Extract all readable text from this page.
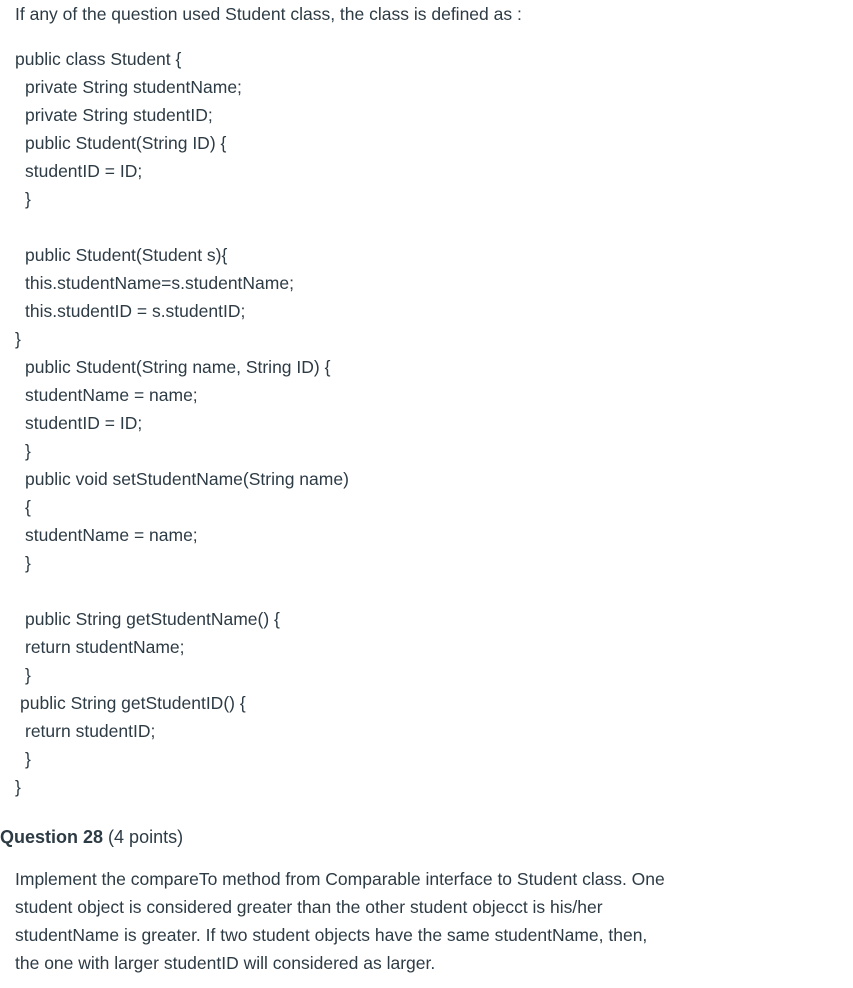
If any of the question used Student class, the class is defined as :
public class Student {
private String studentName;
private String studentID;
public Student(String ID) {
studentID = ID;
}
public Student(Student s){
this.studentName=s.studentName;
this.studentID = s.studentID;
}
public Student(String name, String ID) {
studentName = name;
studentID = ID;
}
public void setStudentName(String name)
{
studentName = name;
}
public String getStudentName() {
return studentName;
}
public String getStudentID() {
return studentID;
}
}
Question 28 (4 points)
Implement the compareTo method from Comparable interface to Student class. One
student object is considered greater than the other student objecct is his/her
studentName is greater. If two student objects have the same studentName, then,
the one with larger studentID will considered as larger.
